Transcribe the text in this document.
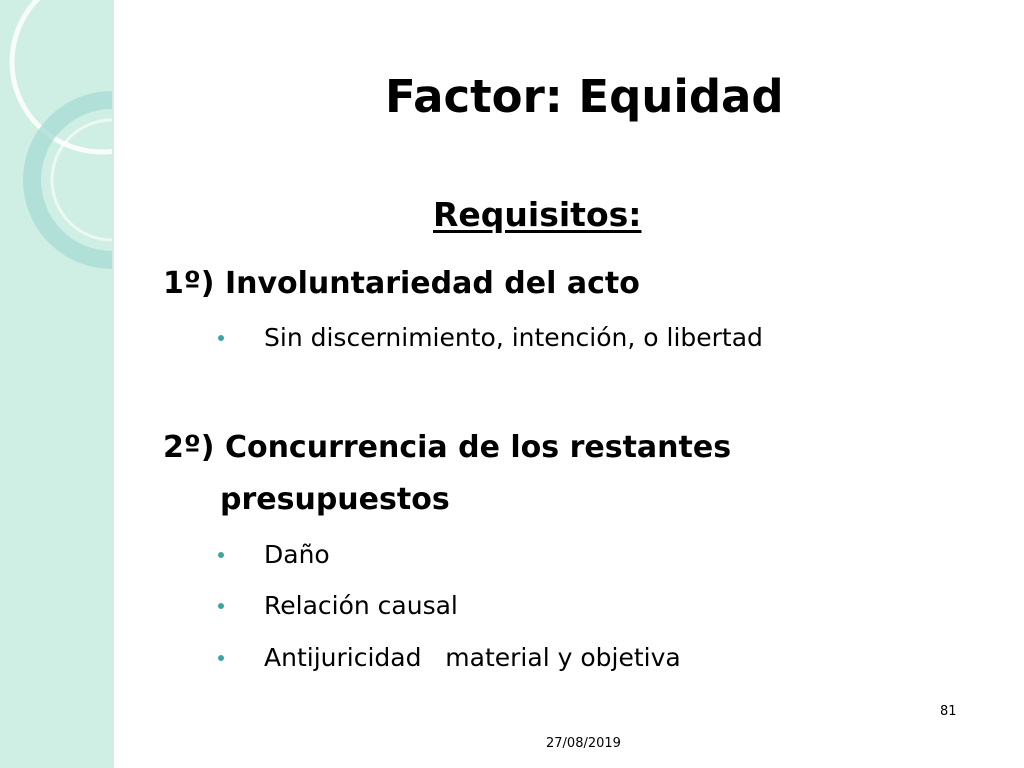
Factor: Equidad
Requisitos:
1º) Involuntariedad del acto
Sin discernimiento, intención, o libertad
2º) Concurrencia de los restantes
presupuestos
Daño
Relación causal
Antijuricidad   material y objetiva
81
27/08/2019
